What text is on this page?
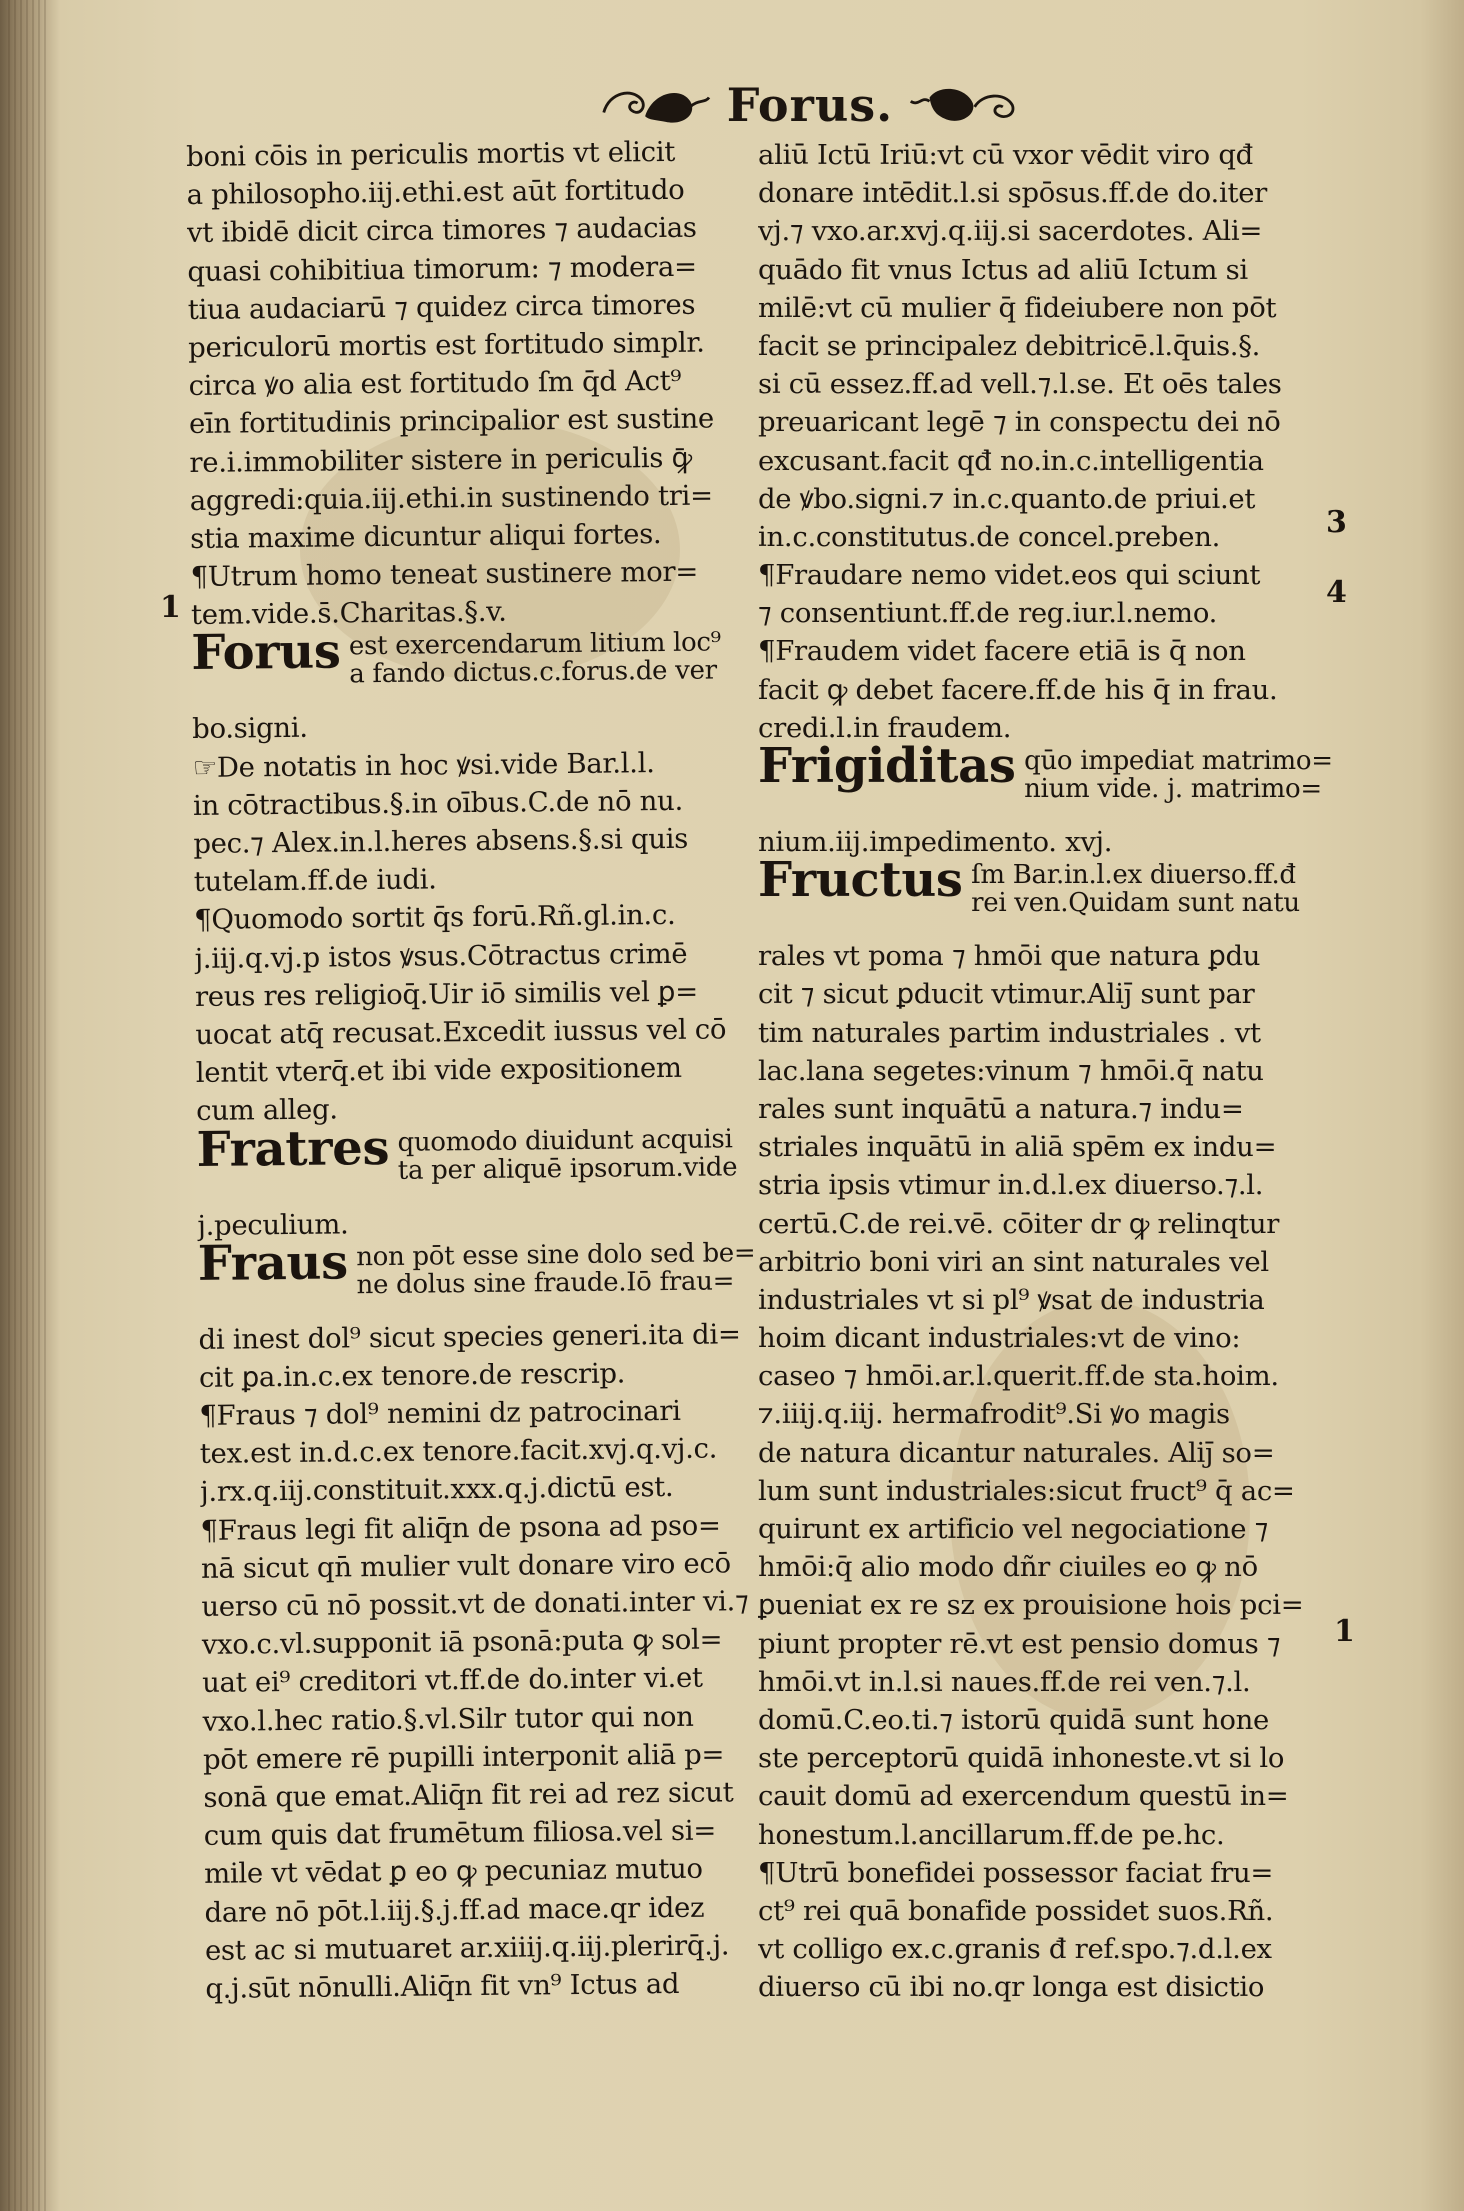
Forus.
boni cōis in periculis mortis vt elicit
a philosopho.iij.ethi.est aūt fortitudo
vt ibidē dicit circa timores ⁊ audacias
quasi cohibitiua timorum: ⁊ modera=
tiua audaciarū ⁊ quidez circa timores
periculorū mortis est fortitudo simplr.
circa ꝟo alia est fortitudo ſm q̄d Act⁹
eīn fortitudinis principalior est sustine
re.i.immobiliter sistere in periculis ꝙ̄
aggredi:quia.iij.ethi.in sustinendo tri=
stia maxime dicuntur aliqui fortes.
¶Utrum homo teneat sustinere mor=
tem.vide.s̄.Charitas.§.v.
Forus est exercendarum litium loc⁹
a fando dictus.c.forus.de ver
bo.signi.
☞De notatis in hoc ꝟsi.vide Bar.l.l.
in cōtractibus.§.in oībus.C.de nō nu.
pec.⁊ Alex.in.l.heres absens.§.si quis
tutelam.ff.de iudi.
¶Quomodo sortit q̄s forū.Rñ.gl.in.c.
j.iij.q.vj.p istos ꝟsus.Cōtractus crimē
reus res religioq̄.Uir iō similis vel ꝑ=
uocat atq̄ recusat.Excedit iussus vel cō
lentit vterq̄.et ibi vide expositionem
cum alleg.
Fratres quomodo diuidunt acquisi
ta per aliquē ipsorum.vide
j.peculium.
Fraus non pōt esse sine dolo sed be=
ne dolus sine fraude.Iō frau=
di inest dol⁹ sicut species generi.ita di=
cit ꝑa.in.c.ex tenore.de rescrip.
¶Fraus ⁊ dol⁹ nemini dz patrocinari
tex.est in.d.c.ex tenore.facit.xvj.q.vj.c.
j.rx.q.iij.constituit.xxx.q.j.dictū est.
¶Fraus legi fit aliq̄n de psona ad pso=
nā sicut qn̄ mulier vult donare viro ecō
uerso cū nō possit.vt de donati.inter vi.⁊
vxo.c.vl.supponit iā psonā:puta ꝙ sol=
uat ei⁹ creditori vt.ff.de do.inter vi.et
vxo.l.hec ratio.§.vl.Silr tutor qui non
pōt emere rē pupilli interponit aliā p=
sonā que emat.Aliq̄n fit rei ad rez sicut
cum quis dat frumētum filiosa.vel si=
mile vt vēdat ꝑ eo ꝙ pecuniaz mutuo
dare nō pōt.l.iij.§.j.ff.ad mace.qr idez
est ac si mutuaret ar.xiiij.q.iij.plerirq̄.j.
q.j.sūt nōnulli.Aliq̄n fit vn⁹ Ictus ad
aliū Ictū Iriū:vt cū vxor vēdit viro qđ
donare intēdit.l.si spōsus.ff.de do.iter
vj.⁊ vxo.ar.xvj.q.iij.si sacerdotes. Ali=
quādo fit vnus Ictus ad aliū Ictum si
milē:vt cū mulier q̄ fideiubere non pōt
facit se principalez debitricē.l.q̄uis.§.
si cū essez.ff.ad vell.⁊.l.se. Et oēs tales
preuaricant legē ⁊ in conspectu dei nō
excusant.facit qđ no.in.c.intelligentia
de ꝟbo.signi.⁊ in.c.quanto.de priui.et
in.c.constitutus.de concel.preben.
¶Fraudare nemo videt.eos qui sciunt
⁊ consentiunt.ff.de reg.iur.l.nemo.
¶Fraudem videt facere etiā is q̄ non
facit ꝙ debet facere.ff.de his q̄ in frau.
credi.l.in fraudem.
Frigiditas qūo impediat matrimo=
nium vide. j. matrimo=
nium.iij.impedimento. xvj.
Fructus ſm Bar.in.l.ex diuerso.ff.đ
rei ven.Quidam sunt natu
rales vt poma ⁊ hmōi que natura ꝑdu
cit ⁊ sicut ꝑducit vtimur.Aliȷ̄ sunt par
tim naturales partim industriales . vt
lac.lana segetes:vinum ⁊ hmōi.q̄ natu
rales sunt inquātū a natura.⁊ indu=
striales inquātū in aliā spēm ex indu=
stria ipsis vtimur in.d.l.ex diuerso.⁊.l.
certū.C.de rei.vē. cōiter dr ꝙ relinqtur
arbitrio boni viri an sint naturales vel
industriales vt si pl⁹ ꝟsat de industria
hoim dicant industriales:vt de vino:
caseo ⁊ hmōi.ar.l.querit.ff.de sta.hoim.
⁊.iiij.q.iij. hermafrodit⁹.Si ꝟo magis
de natura dicantur naturales. Aliȷ̄ so=
lum sunt industriales:sicut fruct⁹ q̄ ac=
quirunt ex artificio vel negociatione ⁊
hmōi:q̄ alio modo dñr ciuiles eo ꝙ nō
ꝑueniat ex re sz ex prouisione hois pci=
piunt propter rē.vt est pensio domus ⁊
hmōi.vt in.l.si naues.ff.de rei ven.⁊.l.
domū.C.eo.ti.⁊ istorū quidā sunt hone
ste perceptorū quidā inhoneste.vt si lo
cauit domū ad exercendum questū in=
honestum.l.ancillarum.ff.de pe.hc.
¶Utrū bonefidei possessor faciat fru=
ct⁹ rei quā bonafide possidet suos.Rñ.
vt colligo ex.c.granis đ ref.spo.⁊.d.l.ex
diuerso cū ibi no.qr longa est disictio
1
3
4
1
